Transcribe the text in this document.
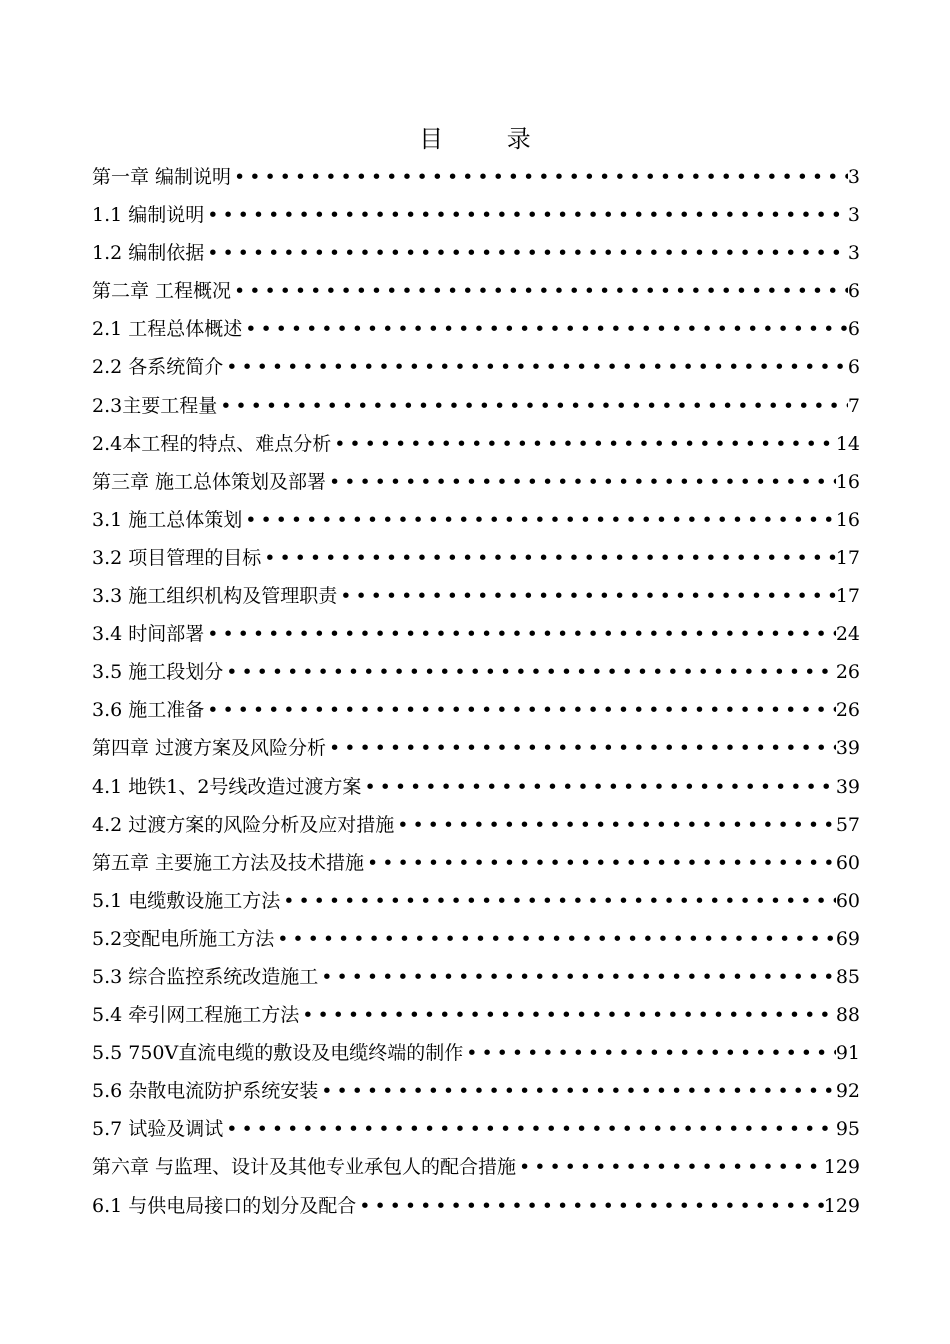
目 录
第一章 编制说明 •••••	3
1.1 编制说明 •••••	3
1.2 编制依据 •••••	3
第二章 工程概况 •••••	6
2.1 工程总体概述 •••••	6
2.2 各系统简介 •••••	6
2.3主要工程量 •••••	7
2.4本工程的特点、难点分析 •••••	14
第三章 施工总体策划及部署 •••••	16
3.1 施工总体策划 •••••	16
3.2 项目管理的目标 •••••	17
3.3 施工组织机构及管理职责 •••••	17
3.4 时间部署 •••••	24
3.5 施工段划分 •••••	26
3.6 施工准备 •••••	26
第四章 过渡方案及风险分析 •••••	39
4.1 地铁1、2号线改造过渡方案 •••••	39
4.2 过渡方案的风险分析及应对措施 •••••	57
第五章 主要施工方法及技术措施 •••••	60
5.1 电缆敷设施工方法 •••••	60
5.2变配电所施工方法 •••••	69
5.3 综合监控系统改造施工 •••••	85
5.4 牵引网工程施工方法 •••••	88
5.5 750V直流电缆的敷设及电缆终端的制作 •••••	91
5.6 杂散电流防护系统安装 •••••	92
5.7 试验及调试 •••••	95
第六章 与监理、设计及其他专业承包人的配合措施 •••••	129
6.1 与供电局接口的划分及配合 •••••	129
